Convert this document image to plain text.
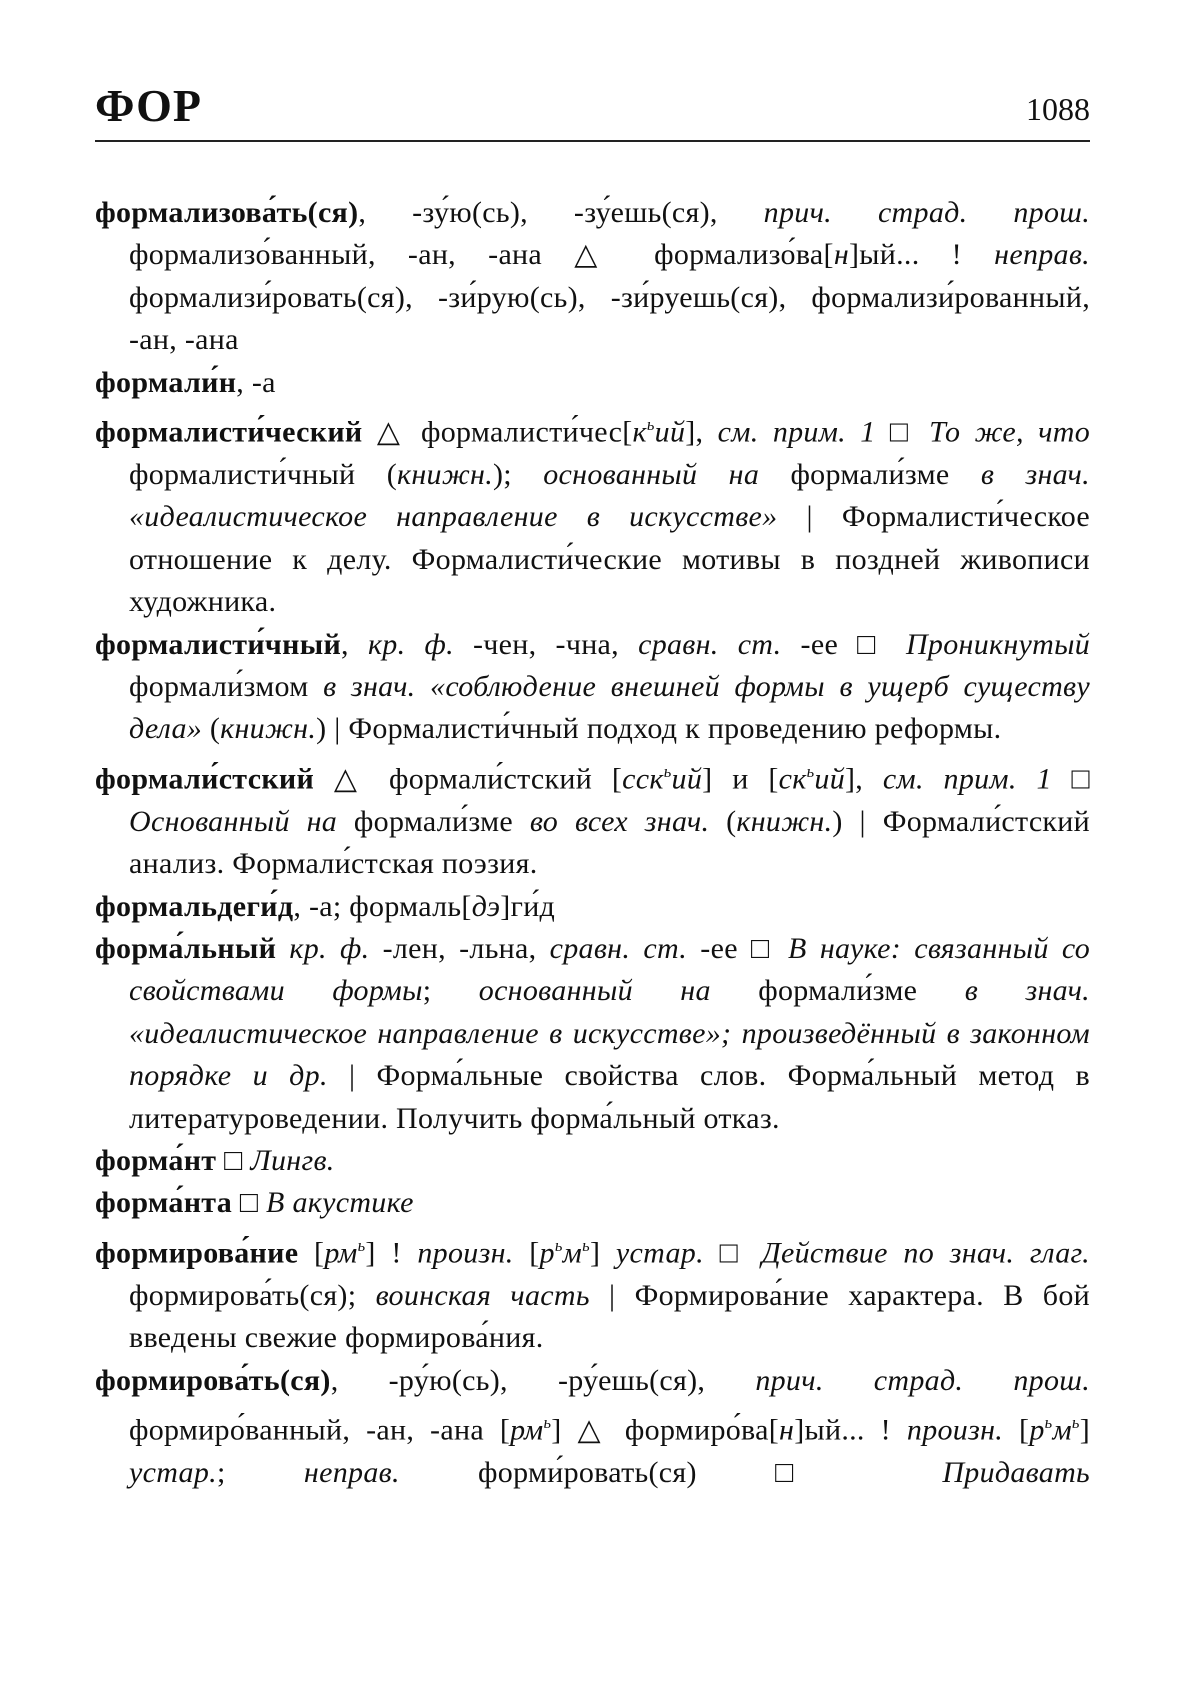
ФОР	1088

формализова́ть(ся), -зу́ю(сь), -зу́ешь(ся), прич. страд. прош. формализо́ванный, -ан, -ана △ формализо́ва[н]ый... ! неправ. формализи́ровать(ся), -зи́рую(сь), -зи́руешь(ся), формализи́рованный, -ан, -ана

формали́н, -а

формалисти́ческий △ $формалисти́чес[к^ьий]$, см. прим. 1 □ То же, что формалисти́чный (книжн.); основанный на формали́зме в знач. «идеалистическое направление в искусстве» | Формалисти́ческое отношение к делу. Формалисти́ческие мотивы в поздней живописи художника.

формалисти́чный, кр. ф. -чен, -чна, сравн. ст. -ее □ Проникнутый формали́змом в знач. «соблюдение внешней формы в ущерб существу дела» (книжн.) | Формалисти́чный подход к проведению реформы.

формали́стский △ формали́стский [сск$^ь$ий] и $[ск^ьий]$, см. прим. 1 □ Основанный на формали́зме во всех знач. (книжн.) | Формали́стский анализ. Формали́стская поэзия.

формальдеги́д, -а; формаль[дэ]ги́д

форма́льный кр. ф. -лен, -льна, сравн. ст. -ее □ В науке: связанный со свойствами формы; основанный на формали́зме в знач. «идеалистическое направление в искусстве»; произведённый в законном порядке и др. | Форма́льные свойства слов. Форма́льный метод в литературоведении. Получить форма́льный отказ.

форма́нт □ Лингв.

форма́нта □ В акустике

формирова́ние $[рм^ь]$ ! произн. $[р^ьм^ь]$ устар. □ Действие по знач. глаг. формирова́ть(ся); воинская часть | Формирова́ние характера. В бой введены свежие формирова́ния.

формирова́ть(ся), -ру́ю(сь), -ру́ешь(ся), прич. страд. прош. формиро́ванный, -ан, -ана $[рм^ь]$ △ формиро́ва[н]ый... ! произн. $[р^ьм^ь]$ устар.; неправ. форми́ровать(ся) □ Придавать
